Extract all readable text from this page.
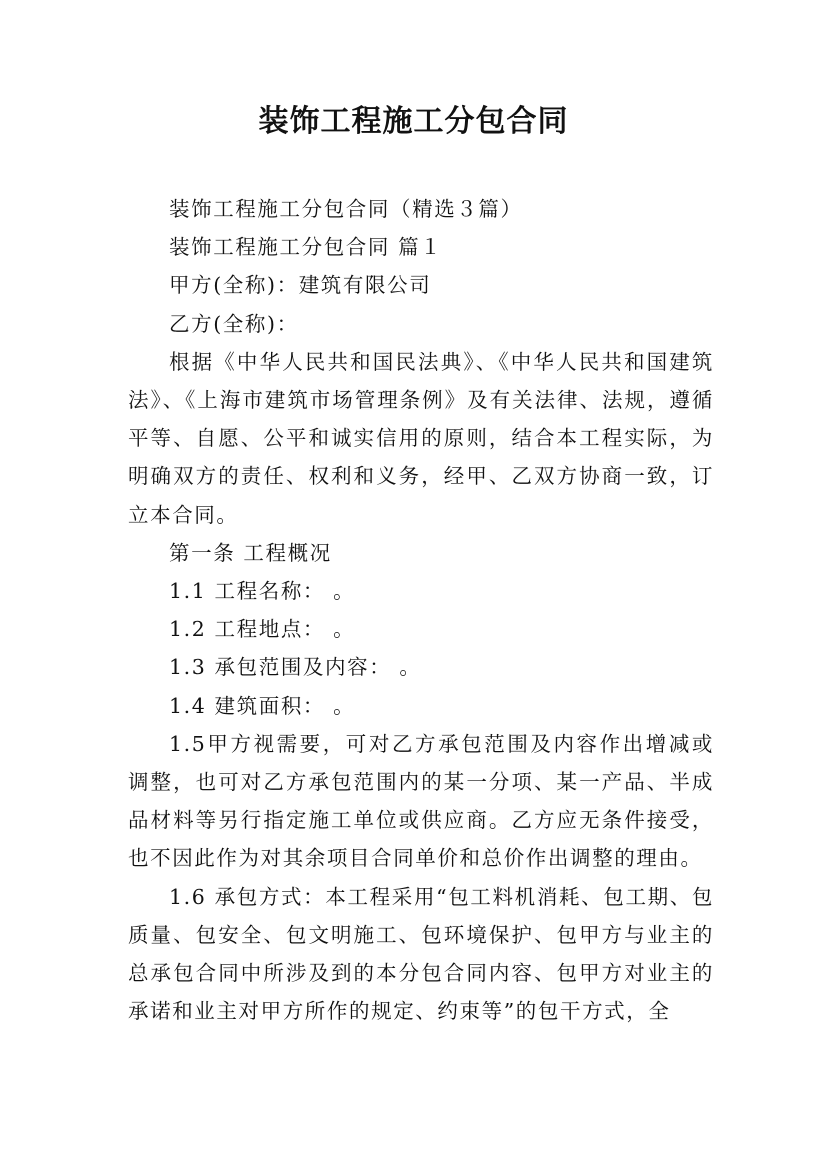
装饰工程施工分包合同

装饰工程施工分包合同（精选３篇）

装饰工程施工分包合同 篇１

甲方(全称)：建筑有限公司

乙方(全称)：

根据《中华人民共和国民法典》、《中华人民共和国建筑法》、《上海市建筑市场管理条例》及有关法律、法规，遵循平等、自愿、公平和诚实信用的原则，结合本工程实际，为明确双方的责任、权利和义务，经甲、乙双方协商一致，订立本合同。

第一条 工程概况

1.1 工程名称： 。

1.2 工程地点： 。

1.3 承包范围及内容： 。

1.4 建筑面积： 。

1.5甲方视需要，可对乙方承包范围及内容作出增减或调整，也可对乙方承包范围内的某一分项、某一产品、半成品材料等另行指定施工单位或供应商。乙方应无条件接受，也不因此作为对其余项目合同单价和总价作出调整的理由。

1.6 承包方式：本工程采用“包工料机消耗、包工期、包质量、包安全、包文明施工、包环境保护、包甲方与业主的总承包合同中所涉及到的本分包合同内容、包甲方对业主的承诺和业主对甲方所作的规定、约束等”的包干方式，全
